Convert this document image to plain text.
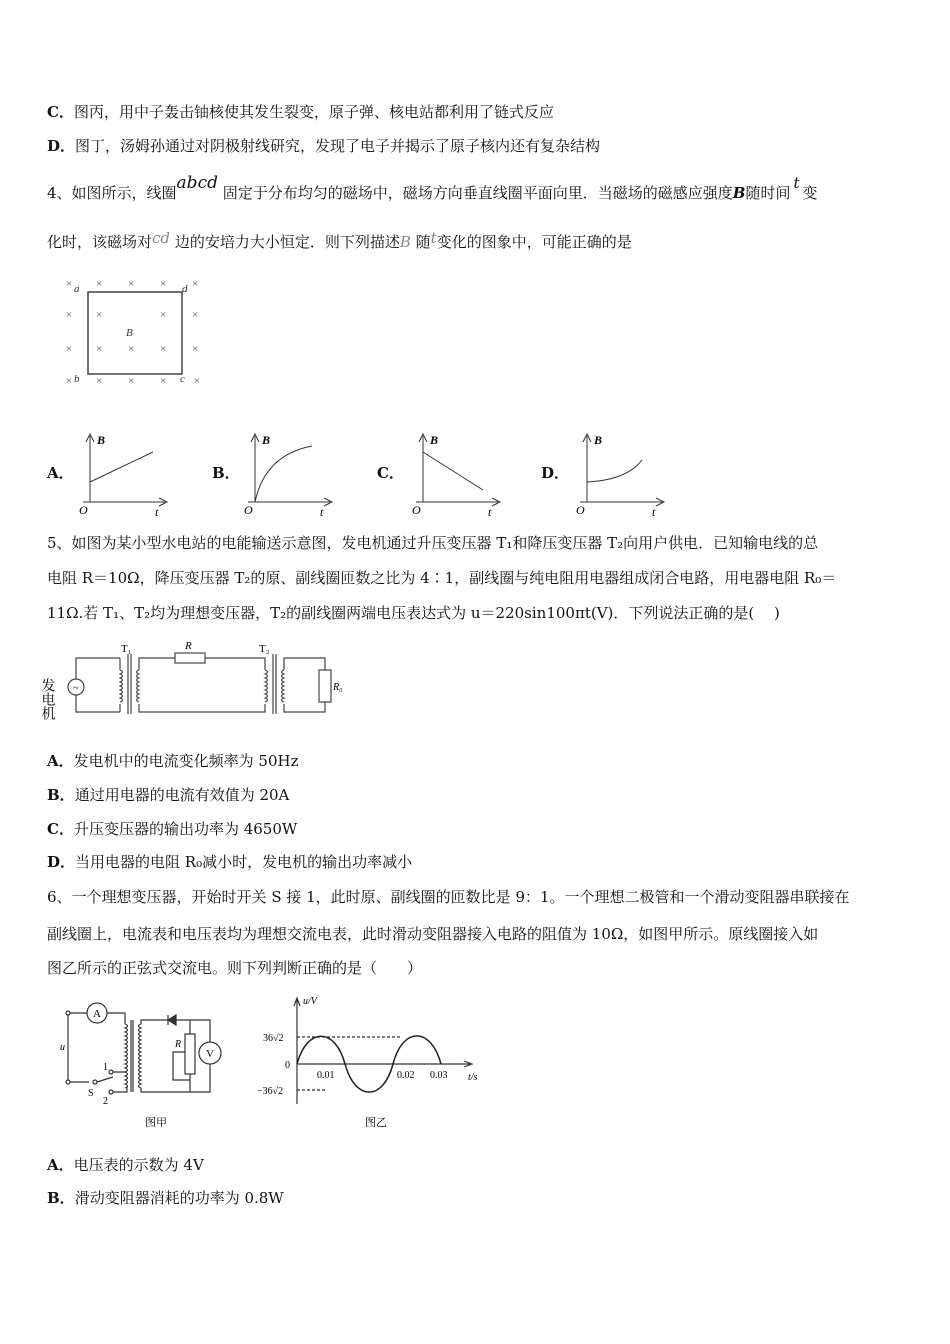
C．图丙，用中子轰击铀核使其发生裂变，原子弹、核电站都利用了链式反应
D．图丁，汤姆孙通过对阴极射线研究，发现了电子并揭示了原子核内还有复杂结构
4、如图所示，线圈abcd 固定于分布均匀的磁场中，磁场方向垂直线圈平面向里．当磁场的磁感应强度B随时间t变
化时，该磁场对cd 边的安培力大小恒定．则下列描述B 随t变化的图象中，可能正确的是
× × × × ×
× ×	× ×
× × × × ×
× × × ×	×
a	d
b	c
B
A．	B．	C．	D．
B
O	t
B
O	t
B
O	t
B
O	t
5、如图为某小型水电站的电能输送示意图，发电机通过升压变压器 T₁和降压变压器 T₂向用户供电．已知输电线的总
电阻 R＝10Ω，降压变压器 T₂的原、副线圈匝数之比为 4∶1，副线圈与纯电阻用电器组成闭合电路，用电器电阻 R₀＝
11Ω.若 T₁、T₂均为理想变压器，T₂的副线圈两端电压表达式为 u＝220sin100πt(V)．下列说法正确的是(　 )
~
发电机
T₁	R	T₂
R₀
A．发电机中的电流变化频率为 50Hz
B．通过用电器的电流有效值为 20A
C．升压变压器的输出功率为 4650W
D．当用电器的电阻 R₀减小时，发电机的输出功率减小
6、一个理想变压器，开始时开关 S 接 1，此时原、副线圈的匝数比是 9：1。一个理想二极管和一个滑动变阻器串联接在
副线圈上，电流表和电压表均为理想交流电表，此时滑动变阻器接入电路的阻值为 10Ω，如图甲所示。原线圈接入如
图乙所示的正弦式交流电。则下列判断正确的是（　　）
A
V
u	R
1
S
2
图甲
u/V
36√2
0
−36√2
0.01	0.02 0.03 t/s
图乙
A．电压表的示数为 4V
B．滑动变阻器消耗的功率为 0.8W
